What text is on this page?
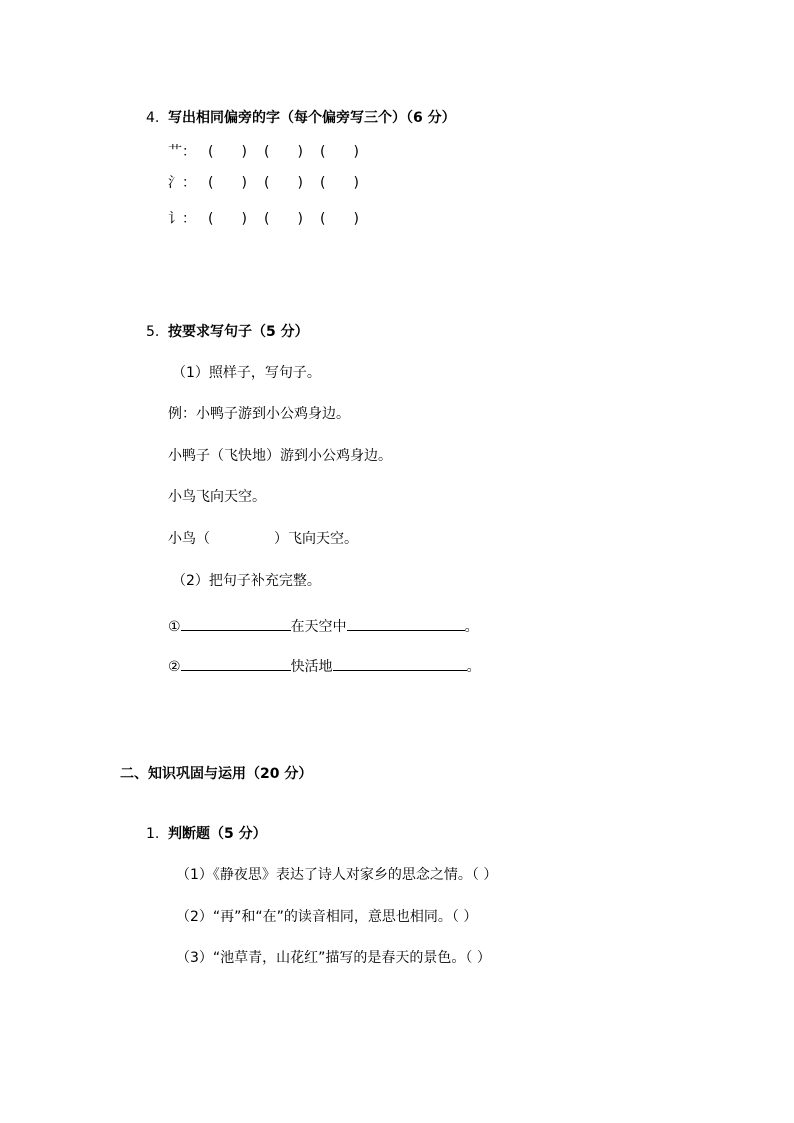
4. 写出相同偏旁的字（每个偏旁写三个）（6 分）
艹： (　　) (　　) (　　)
氵： (　　) (　　) (　　)
讠： (　　) (　　) (　　)
5. 按要求写句子（5 分）
（1）照样子，写句子。
例：小鸭子游到小公鸡身边。
小鸭子（飞快地）游到小公鸡身边。
小鸟飞向天空。
小鸟（	）飞向天空。
（2）把句子补充完整。
①	在天空中	。
②	快活地	。
二、知识巩固与运用（20 分）
1. 判断题（5 分）
（1）《静夜思》表达了诗人对家乡的思念之情。（ ）
（2）“再”和“在”的读音相同，意思也相同。（ ）
（3）“池草青，山花红”描写的是春天的景色。（ ）
